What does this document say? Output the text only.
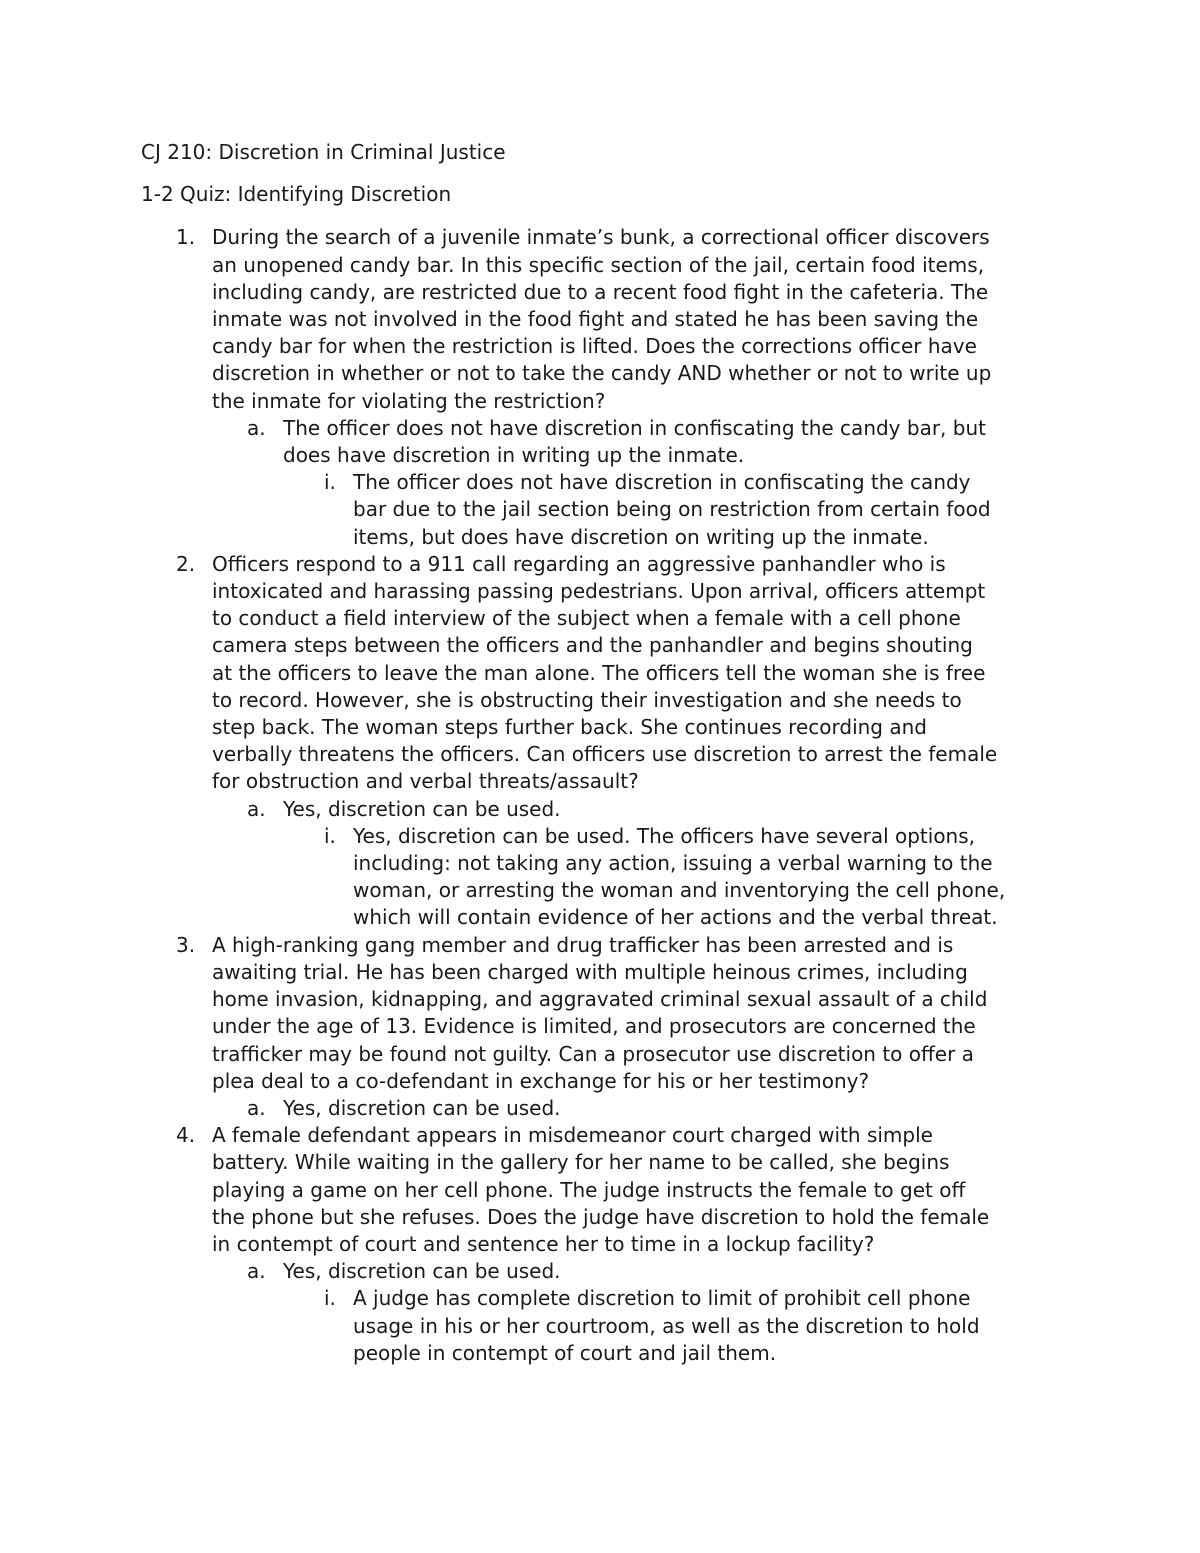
CJ 210: Discretion in Criminal Justice

1-2 Quiz: Identifying Discretion

1. During the search of a juvenile inmate’s bunk, a correctional officer discovers
an unopened candy bar. In this specific section of the jail, certain food items,
including candy, are restricted due to a recent food fight in the cafeteria. The
inmate was not involved in the food fight and stated he has been saving the
candy bar for when the restriction is lifted. Does the corrections officer have
discretion in whether or not to take the candy AND whether or not to write up
the inmate for violating the restriction?
a. The officer does not have discretion in confiscating the candy bar, but
does have discretion in writing up the inmate.
i. The officer does not have discretion in confiscating the candy
bar due to the jail section being on restriction from certain food
items, but does have discretion on writing up the inmate.
2. Officers respond to a 911 call regarding an aggressive panhandler who is
intoxicated and harassing passing pedestrians. Upon arrival, officers attempt
to conduct a field interview of the subject when a female with a cell phone
camera steps between the officers and the panhandler and begins shouting
at the officers to leave the man alone. The officers tell the woman she is free
to record. However, she is obstructing their investigation and she needs to
step back. The woman steps further back. She continues recording and
verbally threatens the officers. Can officers use discretion to arrest the female
for obstruction and verbal threats/assault?
a. Yes, discretion can be used.
i. Yes, discretion can be used. The officers have several options,
including: not taking any action, issuing a verbal warning to the
woman, or arresting the woman and inventorying the cell phone,
which will contain evidence of her actions and the verbal threat.
3. A high-ranking gang member and drug trafficker has been arrested and is
awaiting trial. He has been charged with multiple heinous crimes, including
home invasion, kidnapping, and aggravated criminal sexual assault of a child
under the age of 13. Evidence is limited, and prosecutors are concerned the
trafficker may be found not guilty. Can a prosecutor use discretion to offer a
plea deal to a co-defendant in exchange for his or her testimony?
a. Yes, discretion can be used.
4. A female defendant appears in misdemeanor court charged with simple
battery. While waiting in the gallery for her name to be called, she begins
playing a game on her cell phone. The judge instructs the female to get off
the phone but she refuses. Does the judge have discretion to hold the female
in contempt of court and sentence her to time in a lockup facility?
a. Yes, discretion can be used.
i. A judge has complete discretion to limit of prohibit cell phone
usage in his or her courtroom, as well as the discretion to hold
people in contempt of court and jail them.
